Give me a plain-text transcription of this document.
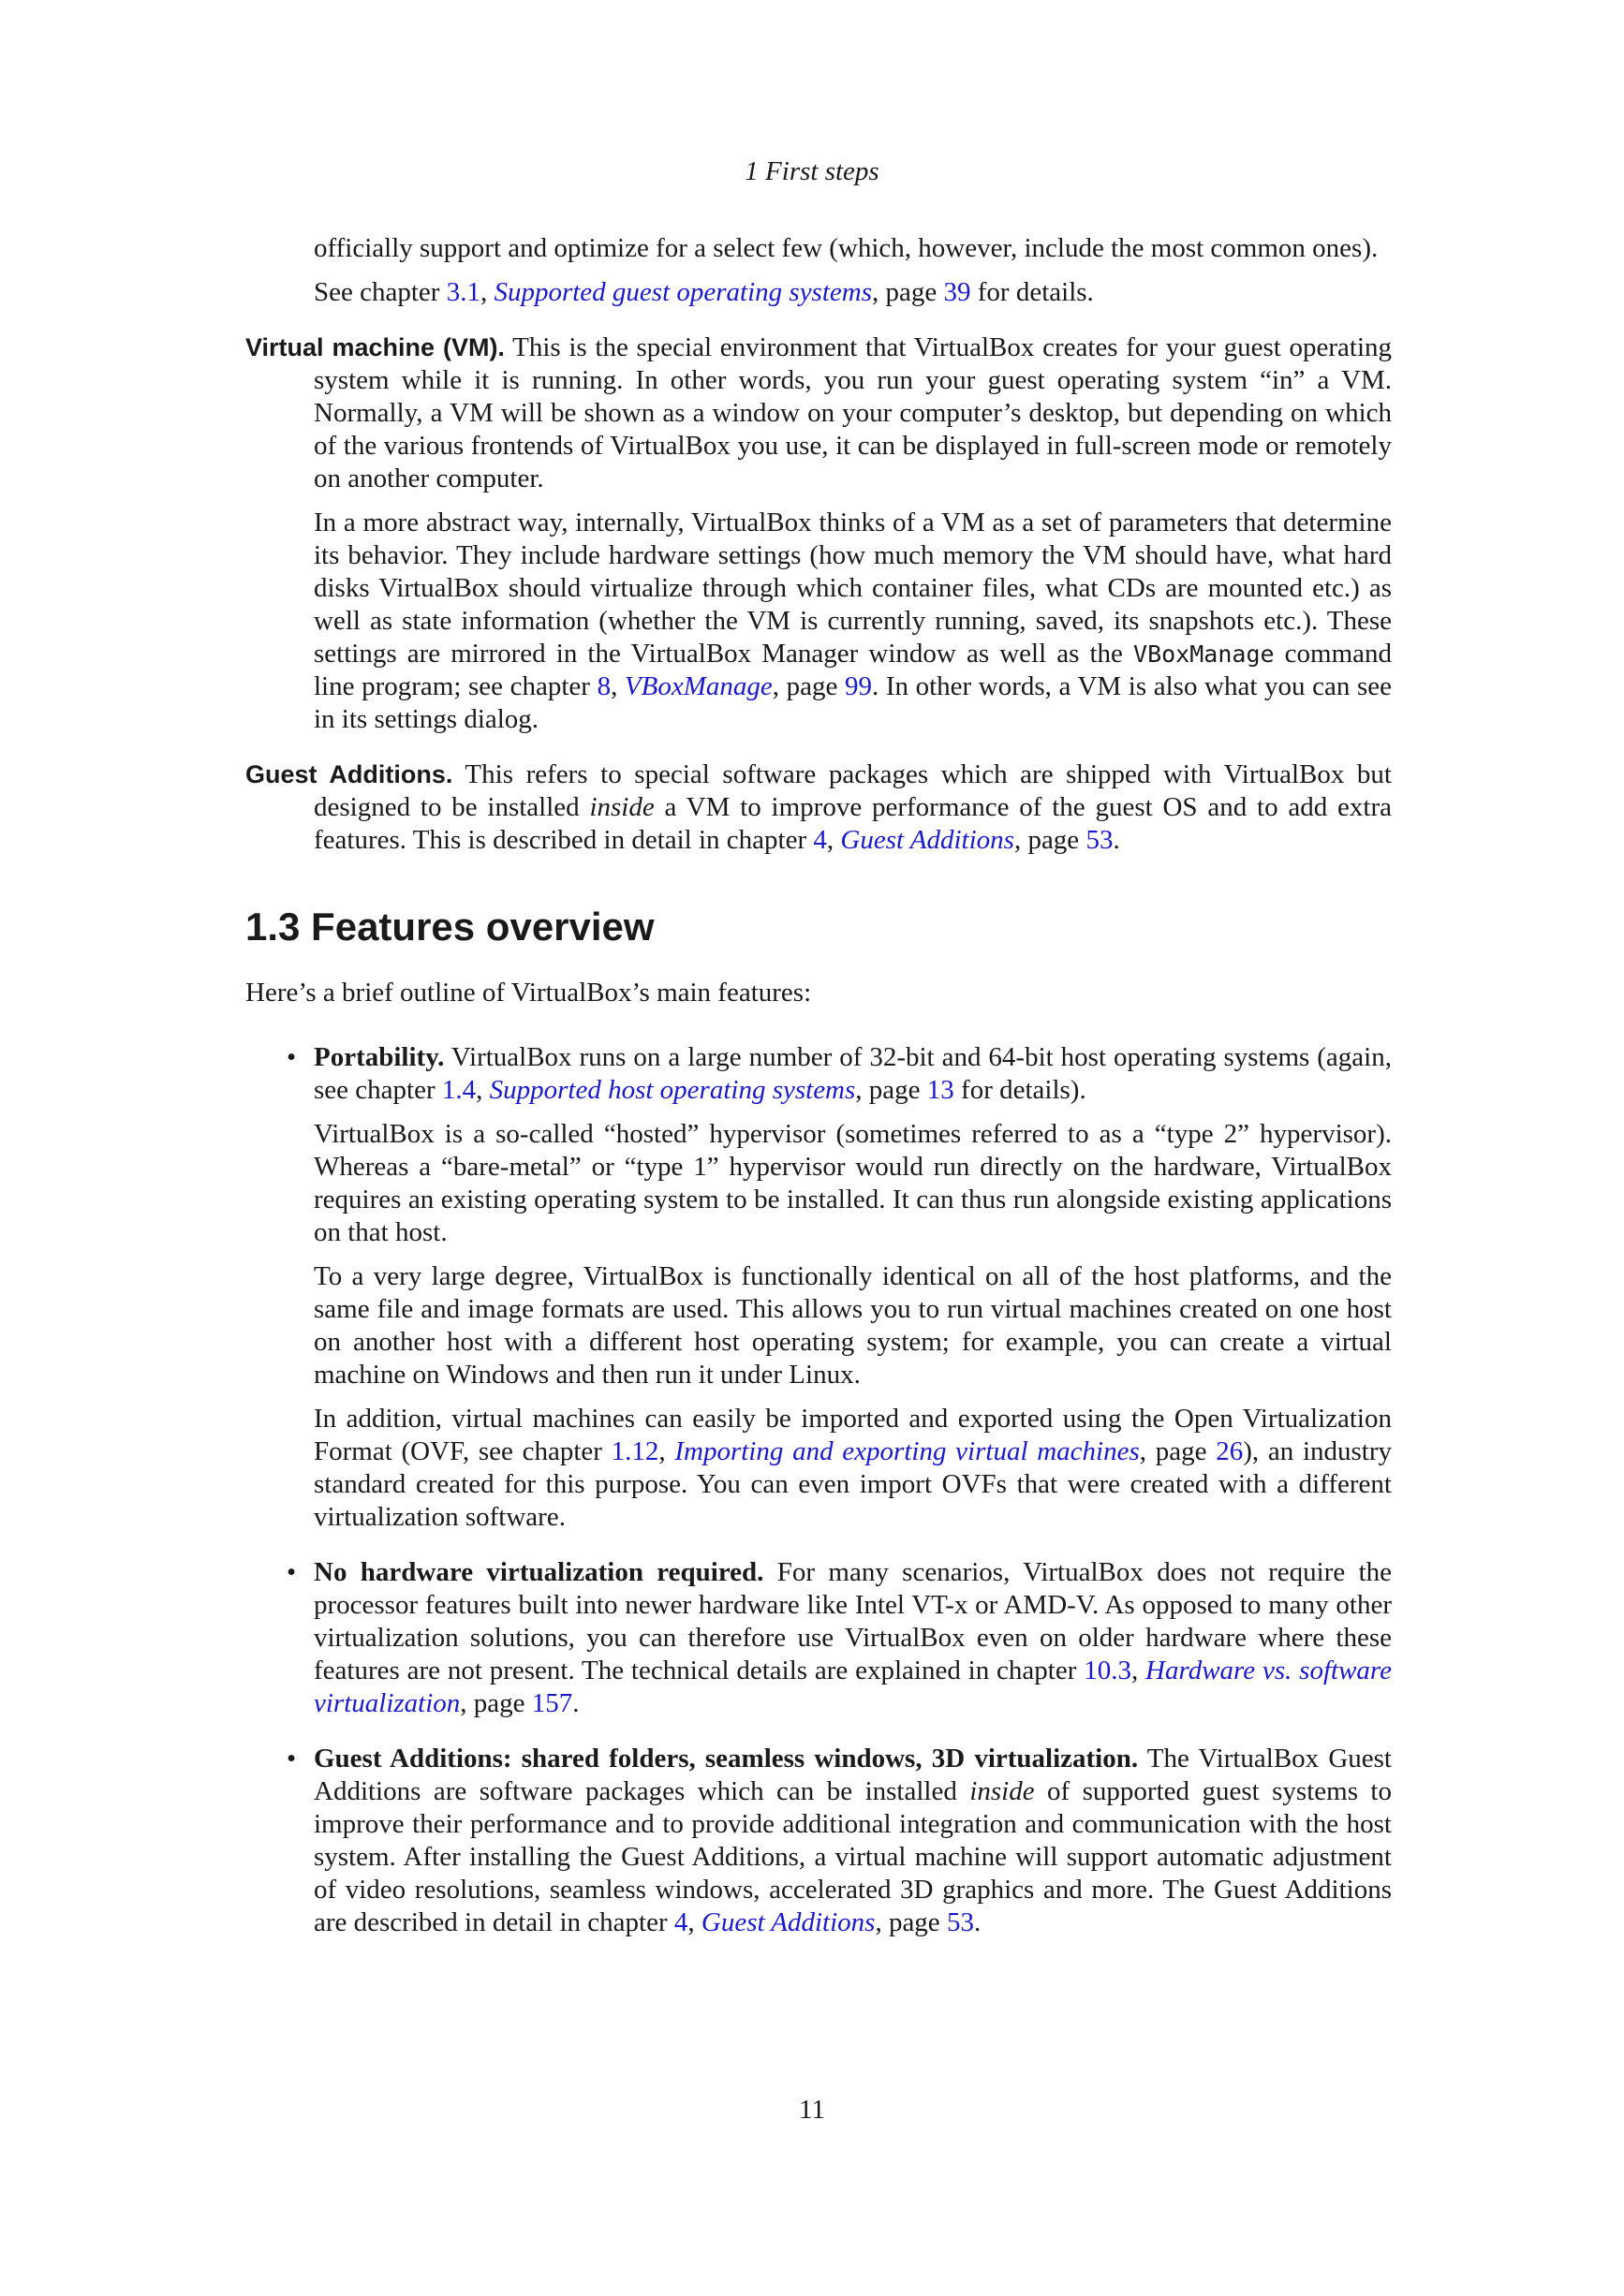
1 First steps

officially support and optimize for a select few (which, however, include the most common ones).

See chapter 3.1, Supported guest operating systems, page 39 for details.

Virtual machine (VM). This is the special environment that VirtualBox creates for your guest operating system while it is running. In other words, you run your guest operating system “in” a VM. Normally, a VM will be shown as a window on your computer’s desktop, but depending on which of the various frontends of VirtualBox you use, it can be displayed in full-screen mode or remotely on another computer.

In a more abstract way, internally, VirtualBox thinks of a VM as a set of parameters that determine its behavior. They include hardware settings (how much memory the VM should have, what hard disks VirtualBox should virtualize through which container files, what CDs are mounted etc.) as well as state information (whether the VM is currently running, saved, its snapshots etc.). These settings are mirrored in the VirtualBox Manager window as well as the VBoxManage command line program; see chapter 8, VBoxManage, page 99. In other words, a VM is also what you can see in its settings dialog.

Guest Additions. This refers to special software packages which are shipped with VirtualBox but designed to be installed inside a VM to improve performance of the guest OS and to add extra features. This is described in detail in chapter 4, Guest Additions, page 53.

1.3 Features overview

Here’s a brief outline of VirtualBox’s main features:

• Portability. VirtualBox runs on a large number of 32-bit and 64-bit host operating systems (again, see chapter 1.4, Supported host operating systems, page 13 for details).

VirtualBox is a so-called “hosted” hypervisor (sometimes referred to as a “type 2” hypervisor). Whereas a “bare-metal” or “type 1” hypervisor would run directly on the hardware, VirtualBox requires an existing operating system to be installed. It can thus run alongside existing applications on that host.

To a very large degree, VirtualBox is functionally identical on all of the host platforms, and the same file and image formats are used. This allows you to run virtual machines created on one host on another host with a different host operating system; for example, you can create a virtual machine on Windows and then run it under Linux.

In addition, virtual machines can easily be imported and exported using the Open Virtualization Format (OVF, see chapter 1.12, Importing and exporting virtual machines, page 26), an industry standard created for this purpose. You can even import OVFs that were created with a different virtualization software.

• No hardware virtualization required. For many scenarios, VirtualBox does not require the processor features built into newer hardware like Intel VT-x or AMD-V. As opposed to many other virtualization solutions, you can therefore use VirtualBox even on older hardware where these features are not present. The technical details are explained in chapter 10.3, Hardware vs. software virtualization, page 157.

• Guest Additions: shared folders, seamless windows, 3D virtualization. The VirtualBox Guest Additions are software packages which can be installed inside of supported guest systems to improve their performance and to provide additional integration and communication with the host system. After installing the Guest Additions, a virtual machine will support automatic adjustment of video resolutions, seamless windows, accelerated 3D graphics and more. The Guest Additions are described in detail in chapter 4, Guest Additions, page 53.

11
